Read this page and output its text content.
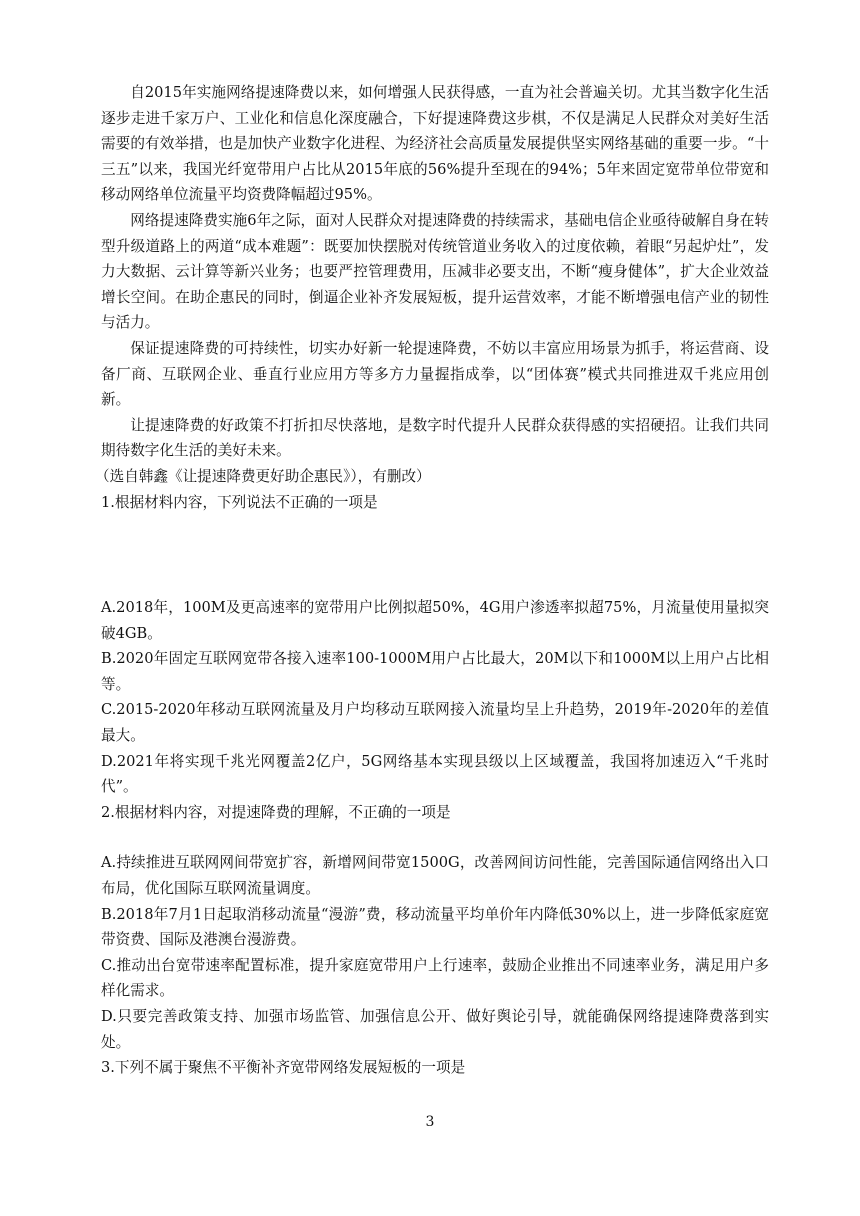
自2015年实施网络提速降费以来，如何增强人民获得感，一直为社会普遍关切。尤其当数字化生活逐步走进千家万户、工业化和信息化深度融合，下好提速降费这步棋，不仅是满足人民群众对美好生活需要的有效举措，也是加快产业数字化进程、为经济社会高质量发展提供坚实网络基础的重要一步。“十三五”以来，我国光纤宽带用户占比从2015年底的56%提升至现在的94%；5年来固定宽带单位带宽和移动网络单位流量平均资费降幅超过95%。

网络提速降费实施6年之际，面对人民群众对提速降费的持续需求，基础电信企业亟待破解自身在转型升级道路上的两道“成本难题”：既要加快摆脱对传统管道业务收入的过度依赖，着眼“另起炉灶”，发力大数据、云计算等新兴业务；也要严控管理费用，压减非必要支出，不断“瘦身健体”，扩大企业效益增长空间。在助企惠民的同时，倒逼企业补齐发展短板，提升运营效率，才能不断增强电信产业的韧性与活力。

保证提速降费的可持续性，切实办好新一轮提速降费，不妨以丰富应用场景为抓手，将运营商、设备厂商、互联网企业、垂直行业应用方等多方力量握指成拳，以“团体赛”模式共同推进双千兆应用创新。

让提速降费的好政策不打折扣尽快落地，是数字时代提升人民群众获得感的实招硬招。让我们共同期待数字化生活的美好未来。

（选自韩鑫《让提速降费更好助企惠民》），有删改）

1.根据材料内容，下列说法不正确的一项是

A.2018年，100M及更高速率的宽带用户比例拟超50%，4G用户渗透率拟超75%，月流量使用量拟突破4GB。

B.2020年固定互联网宽带各接入速率100-1000M用户占比最大，20M以下和1000M以上用户占比相等。

C.2015-2020年移动互联网流量及月户均移动互联网接入流量均呈上升趋势，2019年-2020年的差值最大。

D.2021年将实现千兆光网覆盖2亿户，5G网络基本实现县级以上区域覆盖，我国将加速迈入“千兆时代”。

2.根据材料内容，对提速降费的理解，不正确的一项是

A.持续推进互联网网间带宽扩容，新增网间带宽1500G，改善网间访问性能，完善国际通信网络出入口布局，优化国际互联网流量调度。

B.2018年7月1日起取消移动流量“漫游”费，移动流量平均单价年内降低30%以上，进一步降低家庭宽带资费、国际及港澳台漫游费。

C.推动出台宽带速率配置标准，提升家庭宽带用户上行速率，鼓励企业推出不同速率业务，满足用户多样化需求。

D.只要完善政策支持、加强市场监管、加强信息公开、做好舆论引导，就能确保网络提速降费落到实处。

3.下列不属于聚焦不平衡补齐宽带网络发展短板的一项是

3
